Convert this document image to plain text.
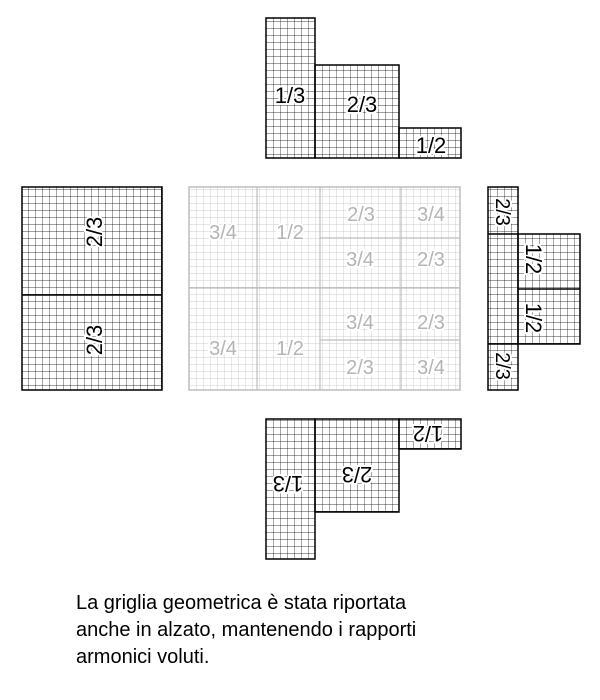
1/3 2/3
1/2
2/3
2/3
3/4 1/2
2/3 3/4
3/4 2/3
3/4 1/2
3/4 2/3
2/3 3/4
2/3
1/2
1/2
2/3
1/2
2/3
1/3

La griglia geometrica è stata riportata
anche in alzato, mantenendo i rapporti
armonici voluti.
